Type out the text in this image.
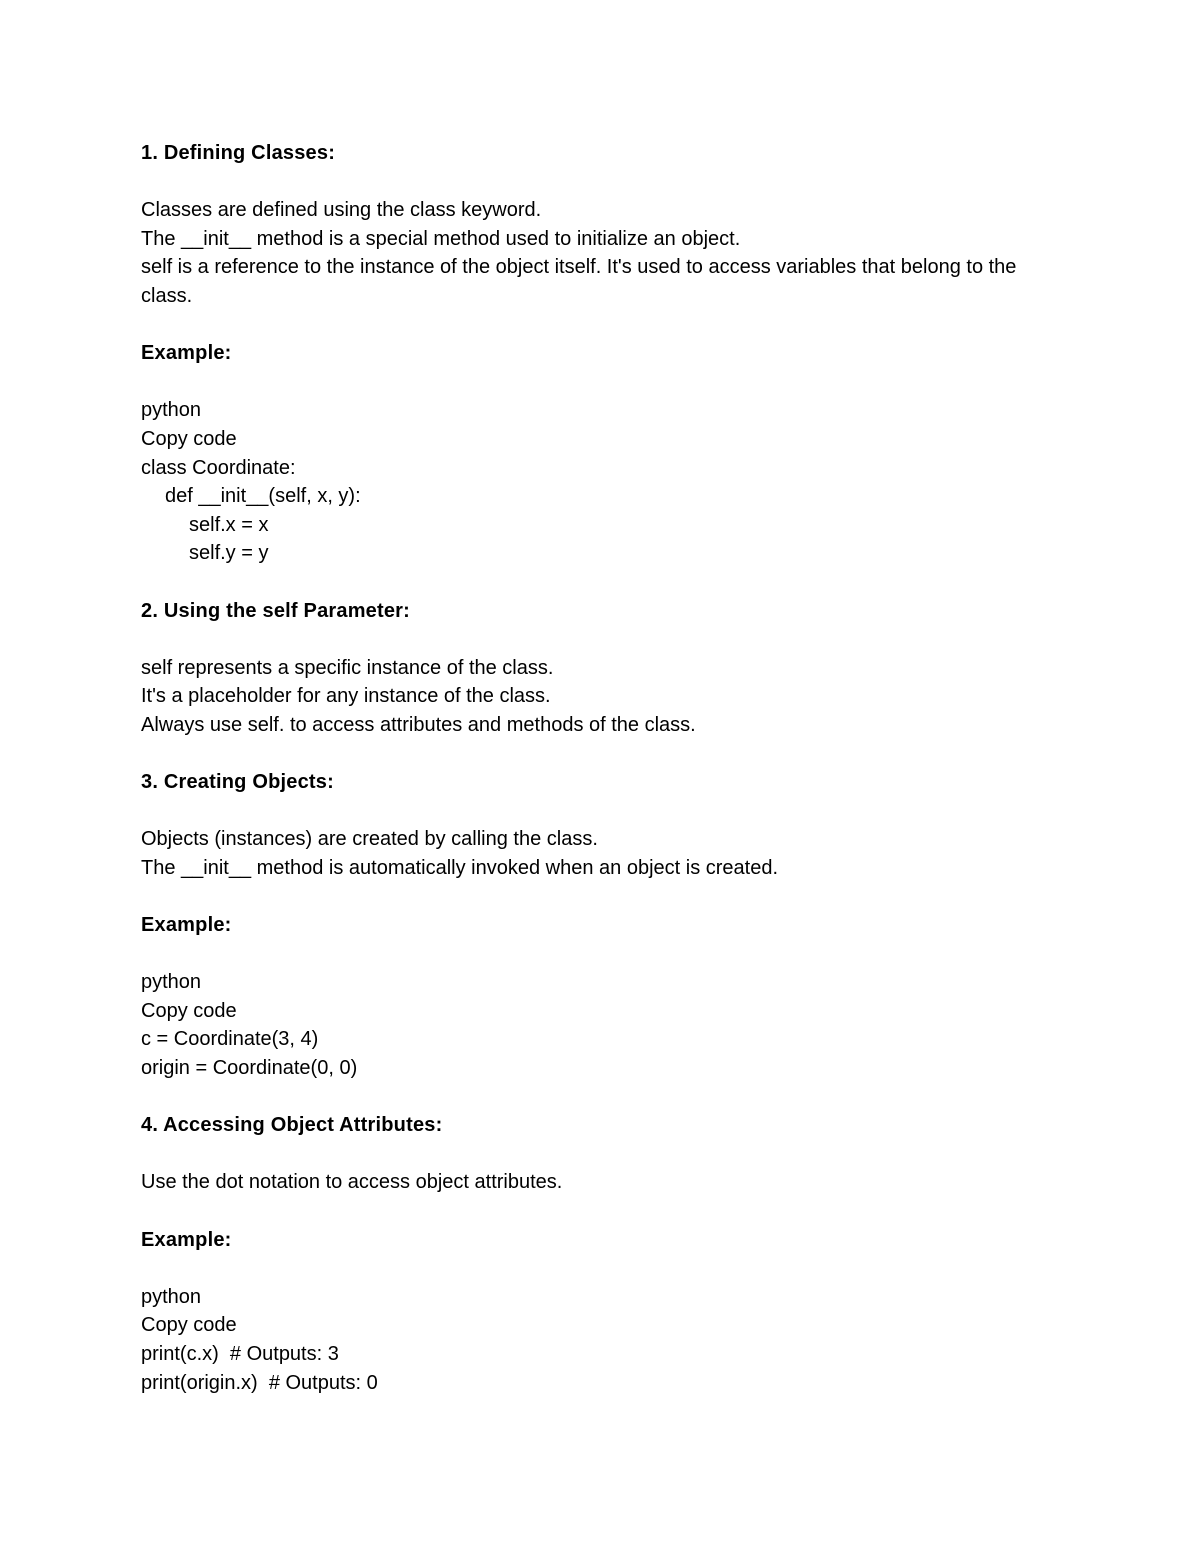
1. Defining Classes:
Classes are defined using the class keyword.
The __init__ method is a special method used to initialize an object.
self is a reference to the instance of the object itself. It's used to access variables that belong to the class.
Example:
python
Copy code
class Coordinate:
def __init__(self, x, y):
self.x = x
self.y = y
2. Using the self Parameter:
self represents a specific instance of the class.
It's a placeholder for any instance of the class.
Always use self. to access attributes and methods of the class.
3. Creating Objects:
Objects (instances) are created by calling the class.
The __init__ method is automatically invoked when an object is created.
Example:
python
Copy code
c = Coordinate(3, 4)
origin = Coordinate(0, 0)
4. Accessing Object Attributes:
Use the dot notation to access object attributes.
Example:
python
Copy code
print(c.x)  # Outputs: 3
print(origin.x)  # Outputs: 0
